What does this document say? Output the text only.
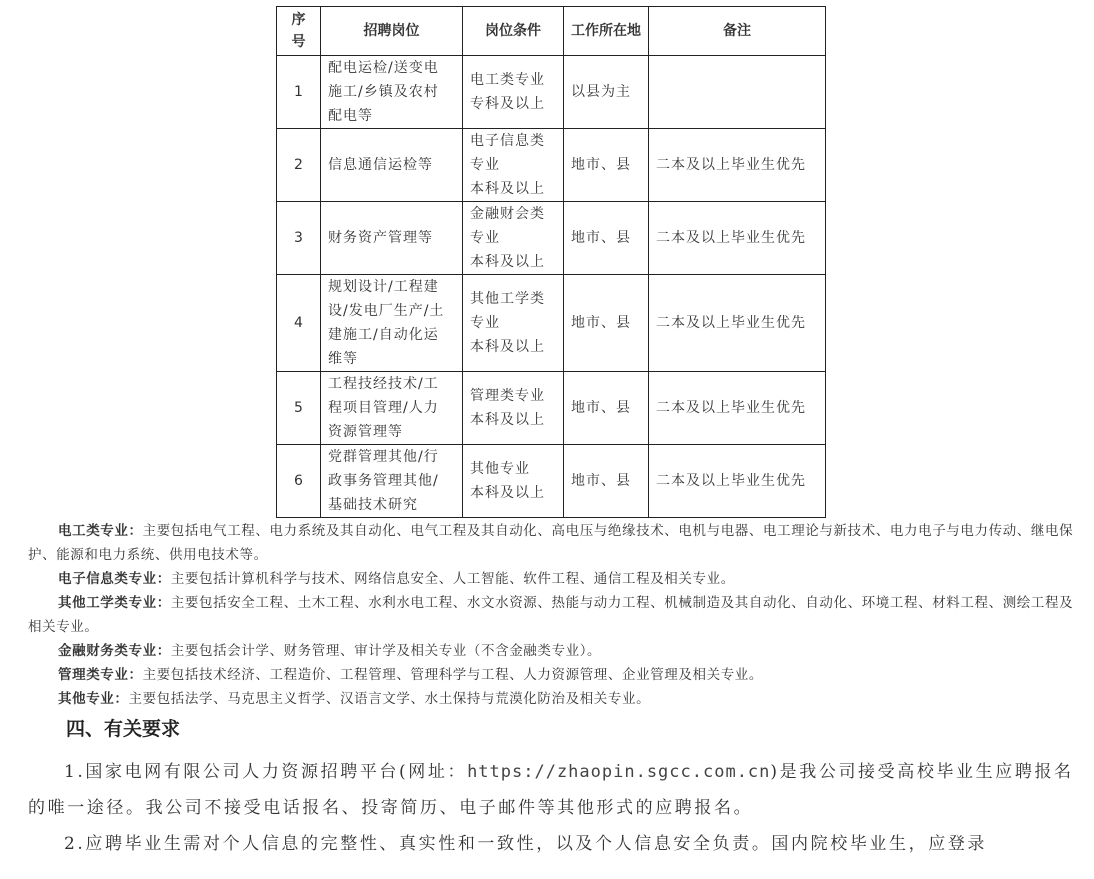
序
号	招聘岗位	岗位条件	工作所在地	备注
1	配电运检/送变电
施工/乡镇及农村
配电等	电工类专业
专科及以上	以县为主	
2	信息通信运检等	电子信息类
专业
本科及以上	地市、县	二本及以上毕业生优先
3	财务资产管理等	金融财会类
专业
本科及以上	地市、县	二本及以上毕业生优先
4	规划设计/工程建
设/发电厂生产/土
建施工/自动化运
维等	其他工学类
专业
本科及以上	地市、县	二本及以上毕业生优先
5	工程技经技术/工
程项目管理/人力
资源管理等	管理类专业
本科及以上	地市、县	二本及以上毕业生优先
6	党群管理其他/行
政事务管理其他/
基础技术研究	其他专业
本科及以上	地市、县	二本及以上毕业生优先

电工类专业：主要包括电气工程、电力系统及其自动化、电气工程及其自动化、高电压与绝缘技术、电机与电器、电工理论与新技术、电力电子与电力传动、继电保护、能源和电力系统、供用电技术等。

电子信息类专业：主要包括计算机科学与技术、网络信息安全、人工智能、软件工程、通信工程及相关专业。

其他工学类专业：主要包括安全工程、土木工程、水利水电工程、水文水资源、热能与动力工程、机械制造及其自动化、自动化、环境工程、材料工程、测绘工程及相关专业。

金融财务类专业：主要包括会计学、财务管理、审计学及相关专业（不含金融类专业）。

管理类专业：主要包括技术经济、工程造价、工程管理、管理科学与工程、人力资源管理、企业管理及相关专业。

其他专业：主要包括法学、马克思主义哲学、汉语言文学、水土保持与荒漠化防治及相关专业。

四、有关要求

1.国家电网有限公司人力资源招聘平台(网址：https://zhaopin.sgcc.com.cn)是我公司接受高校毕业生应聘报名的唯一途径。我公司不接受电话报名、投寄简历、电子邮件等其他形式的应聘报名。

2.应聘毕业生需对个人信息的完整性、真实性和一致性，以及个人信息安全负责。国内院校毕业生，应登录
